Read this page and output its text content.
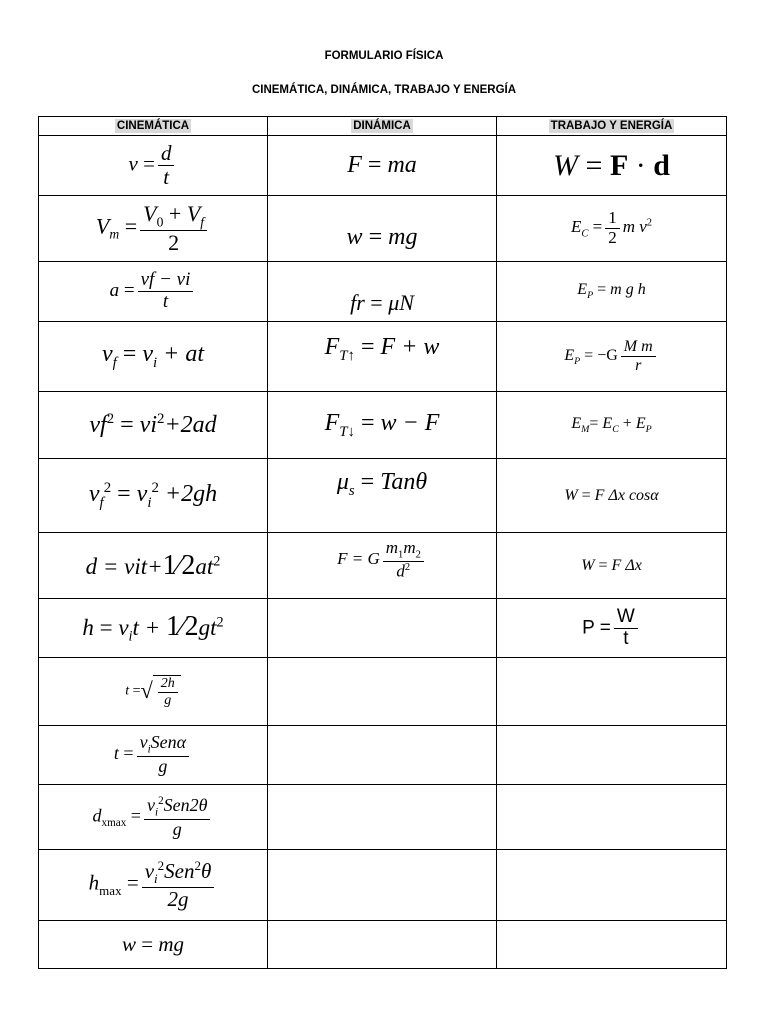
FORMULARIO FÍSICA
CINEMÁTICA, DINÁMICA, TRABAJO Y ENERGÍA
CINEMÁTICA	DINÁMICA	TRABAJO Y ENERGÍA
$v = \frac{d}{t}$	F = ma	W = F · d
$V_m = \frac{V_0 + V_f}{2}$	w = mg	$E_C = \frac{1}{2}$ m $v^2$
$a = \frac{vf - vi}{t}$	fr = μN	$E_P = m$ g h
$v_f = v_i$ + at	$F_{T↑} = F + w$	$E_P = -G \frac{\text{M m}}{r}$

$vf^2 = vi^2+2ad$	$F_{T↓} = w - F$	$E_M= E_C + E_P$
$v_f^2 = v_i^2 +2gh$	$\mu_s = Tan\theta$	W = F Δx cosα
$d = vit+1⁄2at^2$	F = G $\frac{m_1m_2}{d^2}$	W = F Δx
$h = v_it$ + $1⁄2gt^2$		$P = \frac{W}{t}$

t = √ $\frac{2h}{g}$

$t = \frac{v_iSen\alpha}{g}$

$d_{xmax} = \frac{v_i^2Sen2\theta}{g}$

$h_{max} = \frac{v_i^2Sen^2\theta}{2g}$

w = mg		
